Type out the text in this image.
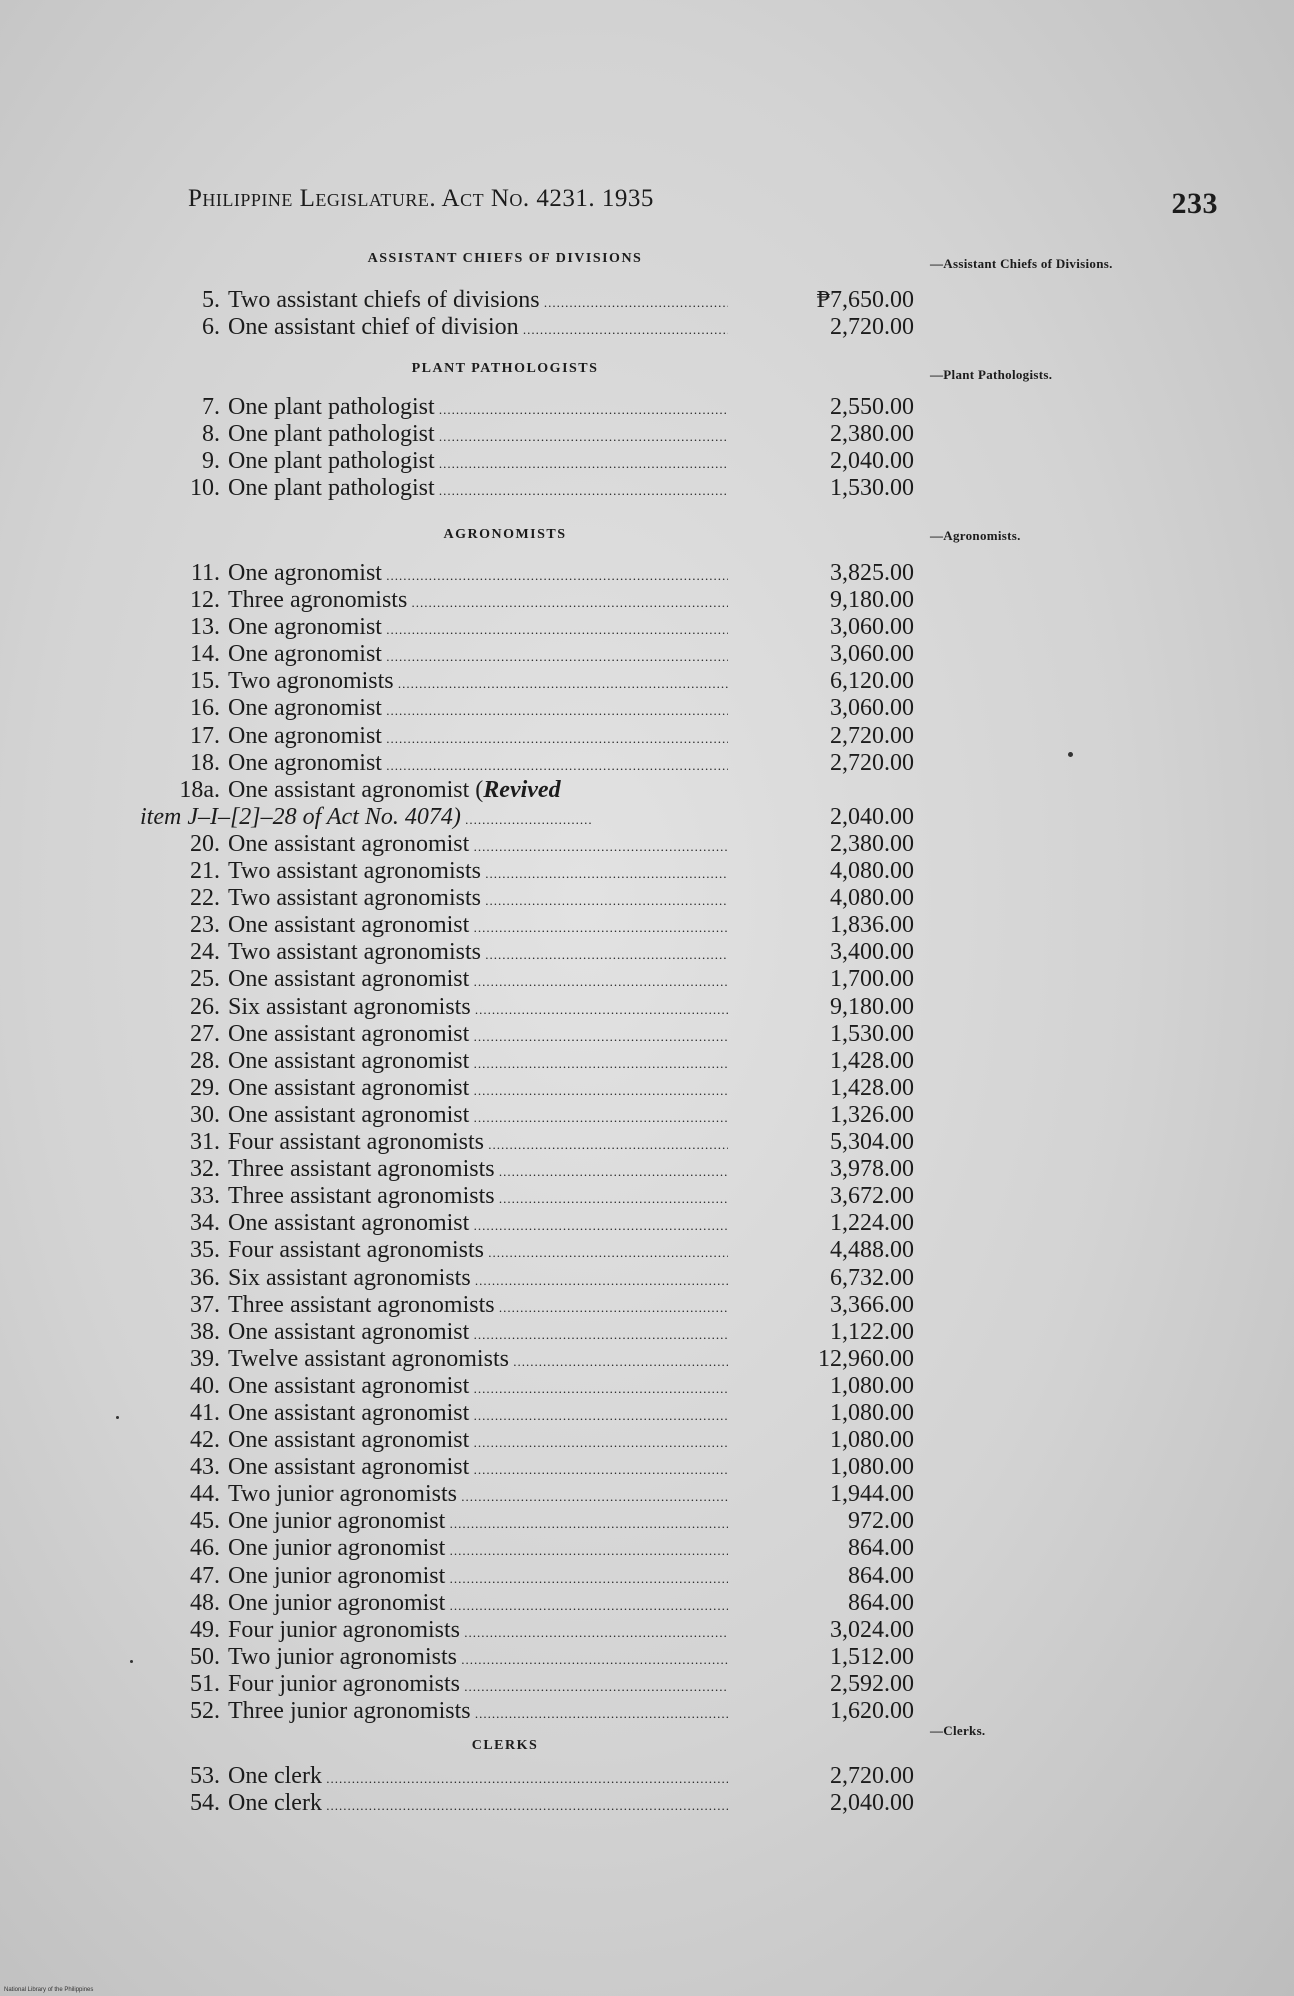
Philippine Legislature. Act No. 4231. 1935	233
ASSISTANT CHIEFS OF DIVISIONS	—Assistant Chiefs of Divisions.
5. Two assistant chiefs of divisions .....	₱7,650.00
6. One assistant chief of division .....	2,720.00
PLANT PATHOLOGISTS	—Plant Pathologists.
7. One plant pathologist .....	2,550.00
8. One plant pathologist .....	2,380.00
9. One plant pathologist .....	2,040.00
10. One plant pathologist .....	1,530.00
AGRONOMISTS	—Agronomists.
11. One agronomist .....	3,825.00
12. Three agronomists .....	9,180.00
13. One agronomist .....	3,060.00
14. One agronomist .....	3,060.00
15. Two agronomists .....	6,120.00
16. One agronomist .....	3,060.00
17. One agronomist .....	2,720.00
18. One agronomist .....	2,720.00
18a. One assistant agronomist (Revived
item J–I–[2]–28 of Act No. 4074) .....	2,040.00
20. One assistant agronomist .....	2,380.00
21. Two assistant agronomists .....	4,080.00
22. Two assistant agronomists .....	4,080.00
23. One assistant agronomist .....	1,836.00
24. Two assistant agronomists .....	3,400.00
25. One assistant agronomist .....	1,700.00
26. Six assistant agronomists .....	9,180.00
27. One assistant agronomist .....	1,530.00
28. One assistant agronomist .....	1,428.00
29. One assistant agronomist .....	1,428.00
30. One assistant agronomist .....	1,326.00
31. Four assistant agronomists .....	5,304.00
32. Three assistant agronomists .....	3,978.00
33. Three assistant agronomists .....	3,672.00
34. One assistant agronomist .....	1,224.00
35. Four assistant agronomists .....	4,488.00
36. Six assistant agronomists .....	6,732.00
37. Three assistant agronomists .....	3,366.00
38. One assistant agronomist .....	1,122.00
39. Twelve assistant agronomists .....	12,960.00
40. One assistant agronomist .....	1,080.00
41. One assistant agronomist .....	1,080.00
42. One assistant agronomist .....	1,080.00
43. One assistant agronomist .....	1,080.00
44. Two junior agronomists .....	1,944.00
45. One junior agronomist .....	972.00
46. One junior agronomist .....	864.00
47. One junior agronomist .....	864.00
48. One junior agronomist .....	864.00
49. Four junior agronomists .....	3,024.00
50. Two junior agronomists .....	1,512.00
51. Four junior agronomists .....	2,592.00
52. Three junior agronomists .....	1,620.00
CLERKS
—Clerks.
53. One clerk .....	2,720.00
54. One clerk .....	2,040.00
National Library of the Philippines
